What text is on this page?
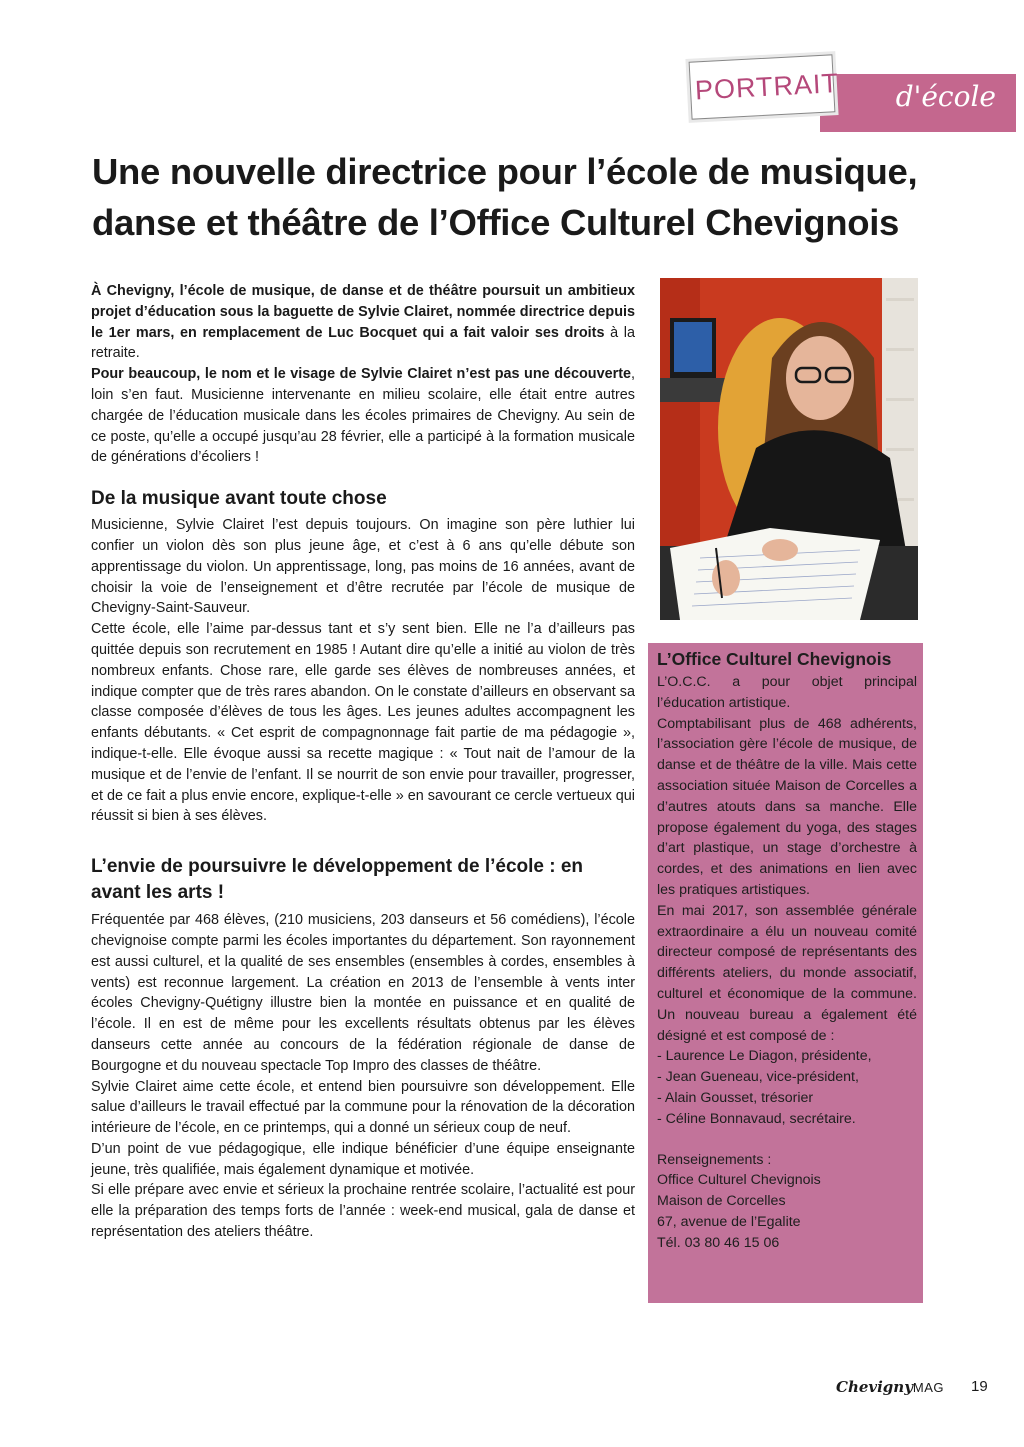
d'école
PORTRAIT
Une nouvelle directrice pour l’école de musique,
danse et théâtre de l’Office Culturel Chevignois

À Chevigny, l’école de musique, de danse et de théâtre poursuit un ambitieux projet d’éducation sous la baguette de Sylvie Clairet, nommée directrice depuis le 1er mars, en remplacement de Luc Bocquet qui a fait valoir ses droits à la retraite.

Pour beaucoup, le nom et le visage de Sylvie Clairet n’est pas une découverte, loin s’en faut. Musicienne intervenante en milieu scolaire, elle était entre autres chargée de l’éducation musicale dans les écoles primaires de Chevigny. Au sein de ce poste, qu’elle a occupé jusqu’au 28 février, elle a participé à la formation musicale de générations d’écoliers !

De la musique avant toute chose

Musicienne, Sylvie Clairet l’est depuis toujours. On imagine son père luthier lui confier un violon dès son plus jeune âge, et c’est à 6 ans qu’elle débute son apprentissage du violon. Un apprentissage, long, pas moins de 16 années, avant de choisir la voie de l’enseignement et d’être recrutée par l’école de musique de Chevigny-Saint-Sauveur.

Cette école, elle l’aime par-dessus tant et s’y sent bien. Elle ne l’a d’ailleurs pas quittée depuis son recrutement en 1985 ! Autant dire qu’elle a initié au violon de très nombreux enfants. Chose rare, elle garde ses élèves de nombreuses années, et indique compter que de très rares abandon. On le constate d’ailleurs en observant sa classe composée d’élèves de tous les âges. Les jeunes adultes accompagnent les enfants débutants. « Cet esprit de compagnonnage fait partie de ma pédagogie », indique-t-elle. Elle évoque aussi sa recette magique : « Tout nait de l’amour de la musique et de l’envie de l’enfant. Il se nourrit de son envie pour travailler, progresser, et de ce fait a plus envie encore, explique-t-elle » en savourant ce cercle vertueux qui réussit si bien à ses élèves.

L’envie de poursuivre le développement de l’école : en avant les arts !

Fréquentée par 468 élèves, (210 musiciens, 203 danseurs et 56 comédiens), l’école chevignoise compte parmi les écoles importantes du département. Son rayonnement est aussi culturel, et la qualité de ses ensembles (ensembles à cordes, ensembles à vents) est reconnue largement. La création en 2013 de l’ensemble à vents inter écoles Chevigny-Quétigny illustre bien la montée en puissance et en qualité de l’école. Il en est de même pour les excellents résultats obtenus par les élèves danseurs cette année au concours de la fédération régionale de danse de Bourgogne et du nouveau spectacle Top Impro des classes de théâtre.

Sylvie Clairet aime cette école, et entend bien poursuivre son développement. Elle salue d’ailleurs le travail effectué par la commune pour la rénovation de la décoration intérieure de l’école, en ce printemps, qui a donné un sérieux coup de neuf.

D’un point de vue pédagogique, elle indique bénéficier d’une équipe enseignante jeune, très qualifiée, mais également dynamique et motivée.

Si elle prépare avec envie et sérieux la prochaine rentrée scolaire, l’actualité est pour elle la préparation des temps forts de l’année : week-end musical, gala de danse et représentation des ateliers théâtre.

L’Office Culturel Chevignois

L’O.C.C. a pour objet principal l’éducation artistique.

Comptabilisant plus de 468 adhérents, l’association gère l’école de musique, de danse et de théâtre de la ville. Mais cette association située Maison de Corcelles a d’autres atouts dans sa manche. Elle propose également du yoga, des stages d’art plastique, un stage d’orchestre à cordes, et des animations en lien avec les pratiques artistiques.

En mai 2017, son assemblée générale extraordinaire a élu un nouveau comité directeur composé de représentants des différents ateliers, du monde associatif, culturel et économique de la commune. Un nouveau bureau a également été désigné et est composé de :

- Laurence Le Diagon, présidente,
- Jean Gueneau, vice-président,
- Alain Gousset, trésorier
- Céline Bonnavaud, secrétaire.
Renseignements :
Office Culturel Chevignois
Maison de Corcelles
67, avenue de l’Egalite
Tél. 03 80 46 15 06
ChevignyMAG 19
